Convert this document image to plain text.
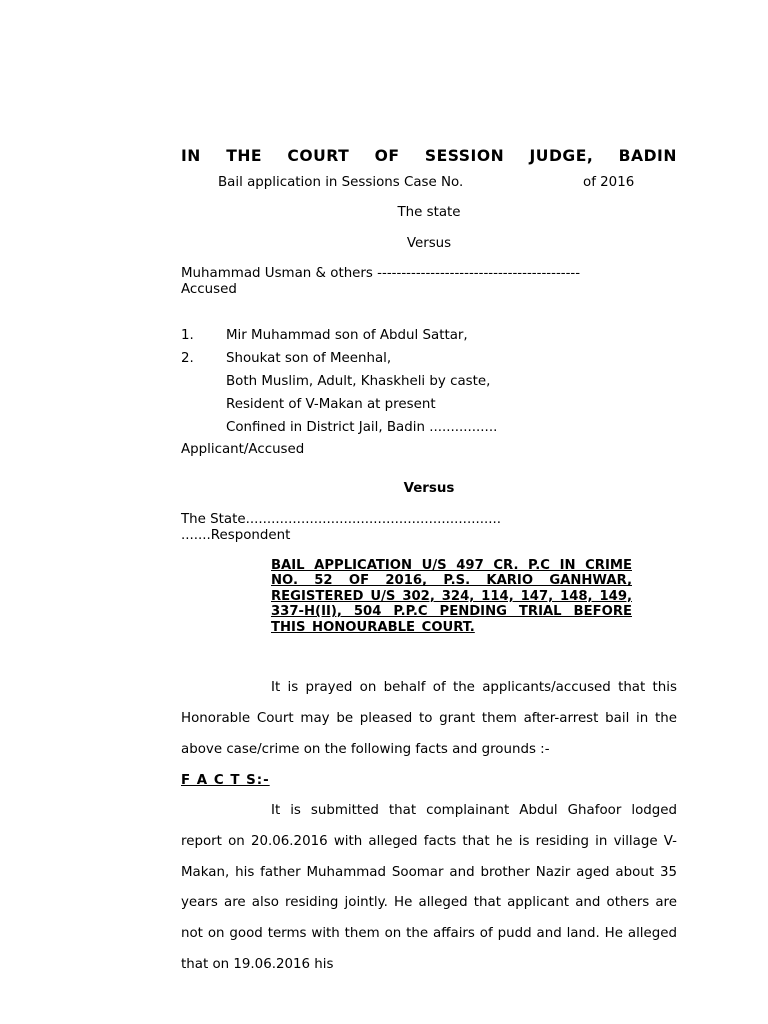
IN THE COURT OF SESSION JUDGE, BADIN
Bail application in Sessions Case No.	of 2016
The state
Versus
Muhammad Usman & others ------------------------------------------
Accused
1. Mir Muhammad son of Abdul Sattar,
2. Shoukat son of Meenhal,
Both Muslim, Adult, Khaskheli by caste,
Resident of V-Makan at present
Confined in District Jail, Badin ................
Applicant/Accused
Versus
The State............................................................
.......Respondent
BAIL APPLICATION U/S 497 CR. P.C IN CRIME NO. 52 OF 2016, P.S. KARIO GANHWAR, REGISTERED U/S 302, 324, 114, 147, 148, 149, 337-H(II), 504 P.P.C PENDING TRIAL BEFORE THIS HONOURABLE COURT.
It is prayed on behalf of the applicants/accused that this Honorable Court may be pleased to grant them after-arrest bail in the above case/crime on the following facts and grounds :-
F A C T S:-
It is submitted that complainant Abdul Ghafoor lodged report on 20.06.2016 with alleged facts that he is residing in village V-Makan, his father Muhammad Soomar and brother Nazir aged about 35 years are also residing jointly. He alleged that applicant and others are not on good terms with them on the affairs of pudd and land. He alleged that on 19.06.2016 his
